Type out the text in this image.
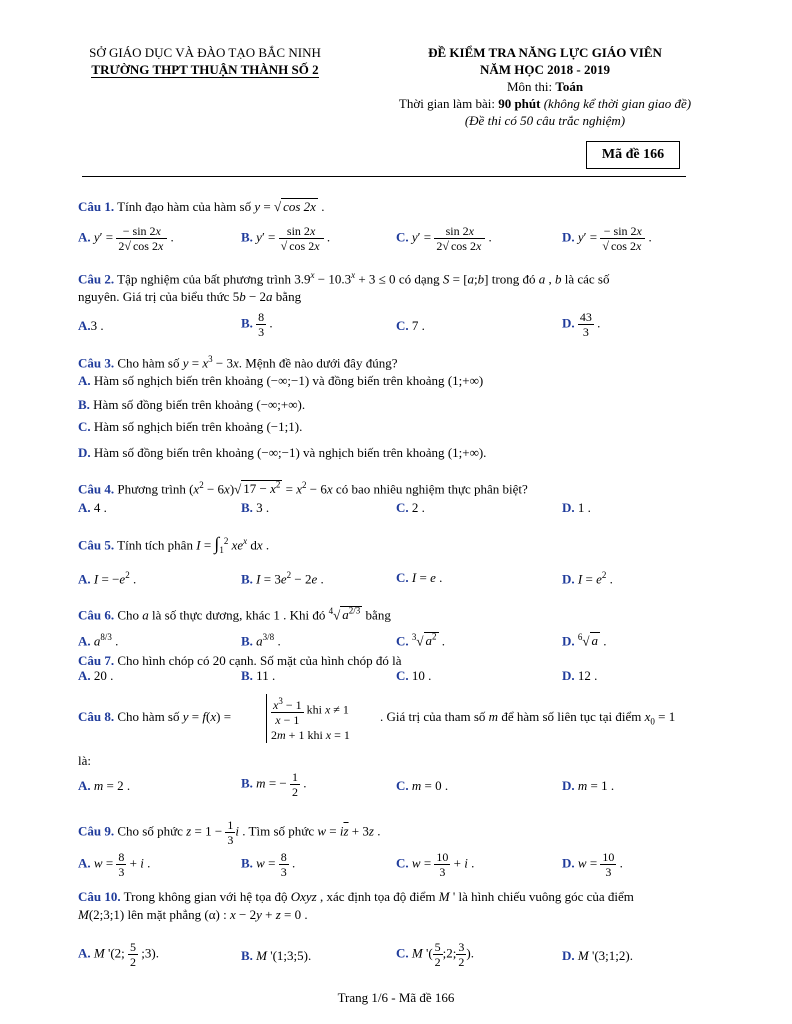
SỞ GIÁO DỤC VÀ ĐÀO TẠO BẮC NINH
TRƯỜNG THPT THUẬN THÀNH SỐ 2
ĐỀ KIỂM TRA NĂNG LỰC GIÁO VIÊN
NĂM HỌC 2018 - 2019
Môn thi: Toán
Thời gian làm bài: 90 phút (không kể thời gian giao đề)
(Đề thi có 50 câu trắc nghiệm)
Mã đề 166
Câu 1. Tính đạo hàm của hàm số y = √ cos 2x .
A. $y' = \frac{- \sin 2x}{2√ \cos 2x}$ .	B. $y' = \frac{\sin 2x}{√ \cos 2x}$ .	C. $y' = \frac{\sin 2x}{2√ \cos 2x}$ .	D. $y' = \frac{- \sin 2x}{√ \cos 2x}$ .
Câu 2. Tập nghiệm của bất phương trình $3.9^x - 10.3^x + 3 \le 0$ có dạng S = [a;b] trong đó a , b là các số
nguyên. Giá trị của biểu thức 5b − 2a bằng
A.3 .	B. $\frac{8}{3}$ .	C. 7 .	D. $\frac{43}{3}$ .
Câu 3. Cho hàm số $y = x^3 - 3x$. Mệnh đề nào dưới đây đúng?
A. Hàm số nghịch biến trên khoảng (−∞;−1) và đồng biến trên khoảng (1;+∞)
B. Hàm số đồng biến trên khoảng (−∞;+∞).
C. Hàm số nghịch biến trên khoảng (−1;1).
D. Hàm số đồng biến trên khoảng (−∞;−1) và nghịch biến trên khoảng (1;+∞).
Câu 4. Phương trình $(x^2 - 6x)√$ $17 - x^2 = x^2 - 6x$ có bao nhiêu nghiệm thực phân biệt?
A. 4 .	B. 3 .	C. 2 .	D. 1 .
Câu 5. Tính tích phân $I = \int_1^2$ $xe^x$ dx .
A. $I = -e^2$ .	B. $I = 3e^2 - 2e$ .	C. I = e .	D. $I = e^2$ .
Câu 6. Cho a là số thực dương, khác 1 . Khi đó $^4$√ $a^{2/3}$ bằng
A. $a^{8/3}$ .	B. $a^{3/8}$ .	C. $^3$√ $a^2$ .	D. $^6$√ a .
Câu 7. Cho hình chóp có 20 cạnh. Số mặt của hình chóp đó là
A. 20 .	B. 11 .	C. 10 .	D. 12 .
Câu 8. Cho hàm số y = f(x) =	$\frac{x^3 - 1}{x - 1}$ khi x ≠ 1
2m + 1 khi x = 1
. Giá trị của tham số m để hàm số liên tục tại điểm $x_0 = 1$
là:
A. m = 2 .	B. m = − $\frac{1}{2}$ .	C. m = 0 .	D. m = 1 .
Câu 9. Cho số phức $z = 1 - \frac{1}{3}$ i . Tìm số phức $w = i\overline{z} + 3z$ .
A. $w = \frac{8}{3} + i$ .	B. $w = \frac{8}{3}$ .	C. $w = \frac{10}{3} + i$ .	D. $w = \frac{10}{3}$ .
Câu 10. Trong không gian với hệ tọa độ Oxyz , xác định tọa độ điểm M ' là hình chiếu vuông góc của điểm
M(2;3;1) lên mặt phẳng (α) : x − 2y + z = 0 .
A. M '(2; $\frac{5}{2}$ ;3).	B. M '(1;3;5).	C. M '( $\frac{5}{2}$ ;2; $\frac{3}{2}$ ).	D. M '(3;1;2).
Trang 1/6 - Mã đề 166
